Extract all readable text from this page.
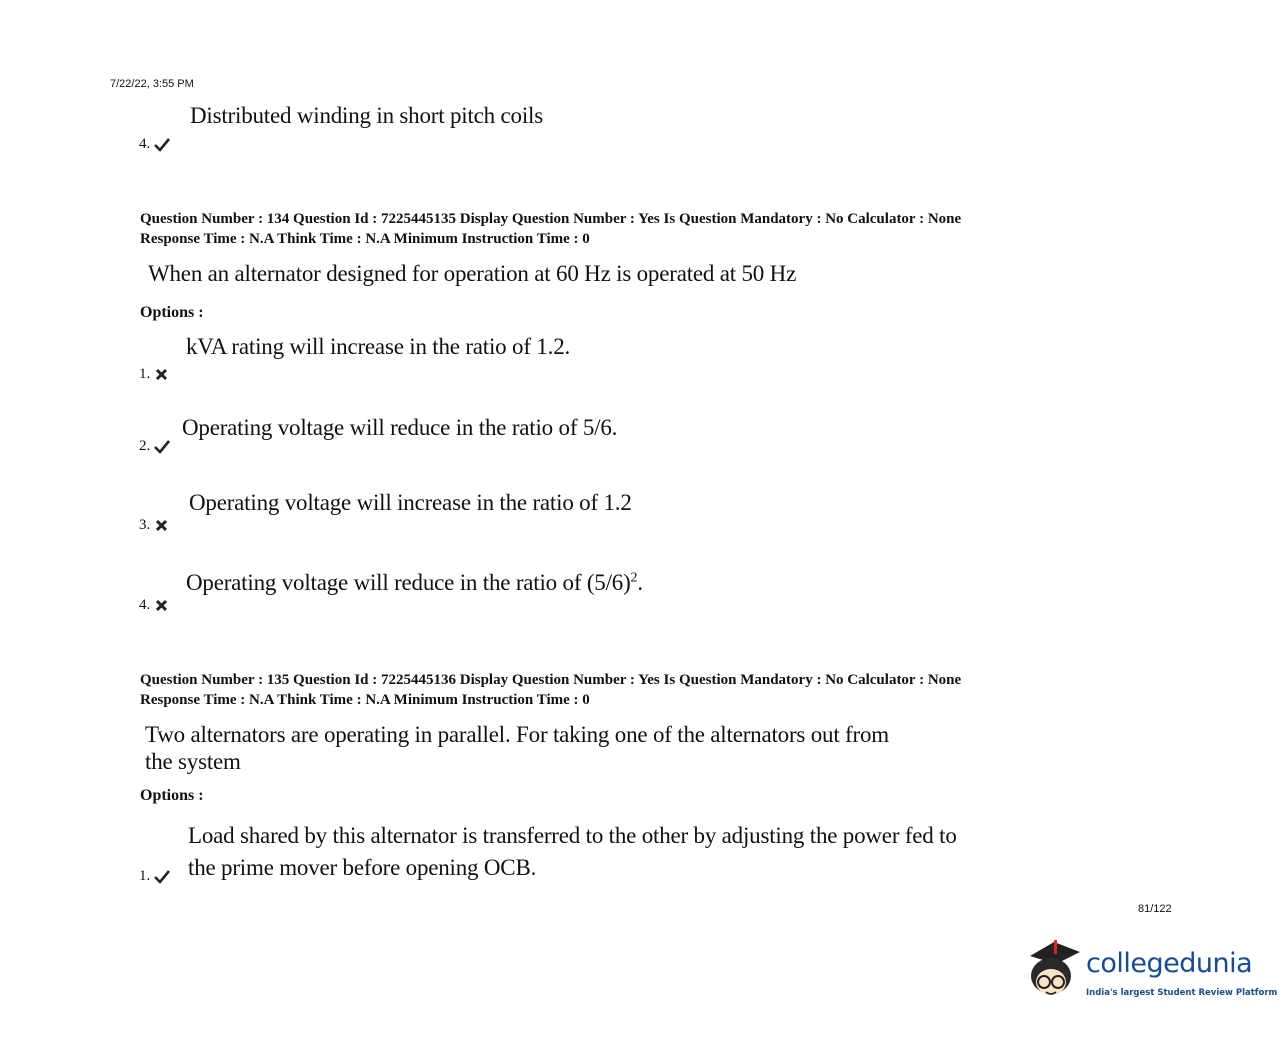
7/22/22, 3:55 PM
Distributed winding in short pitch coils
4.
Question Number : 134 Question Id : 7225445135 Display Question Number : Yes Is Question Mandatory : No Calculator : None
Response Time : N.A Think Time : N.A Minimum Instruction Time : 0
When an alternator designed for operation at 60 Hz is operated at 50 Hz
Options :
kVA rating will increase in the ratio of 1.2.
1.
Operating voltage will reduce in the ratio of 5/6.
2.
Operating voltage will increase in the ratio of 1.2
3.
Operating voltage will reduce in the ratio of $(5/6)^2$.
4.
Question Number : 135 Question Id : 7225445136 Display Question Number : Yes Is Question Mandatory : No Calculator : None
Response Time : N.A Think Time : N.A Minimum Instruction Time : 0
Two alternators are operating in parallel. For taking one of the alternators out from
the system
Options :
Load shared by this alternator is transferred to the other by adjusting the power fed to
the prime mover before opening OCB.
1.
81/122
collegedunia
India's largest Student Review Platform
